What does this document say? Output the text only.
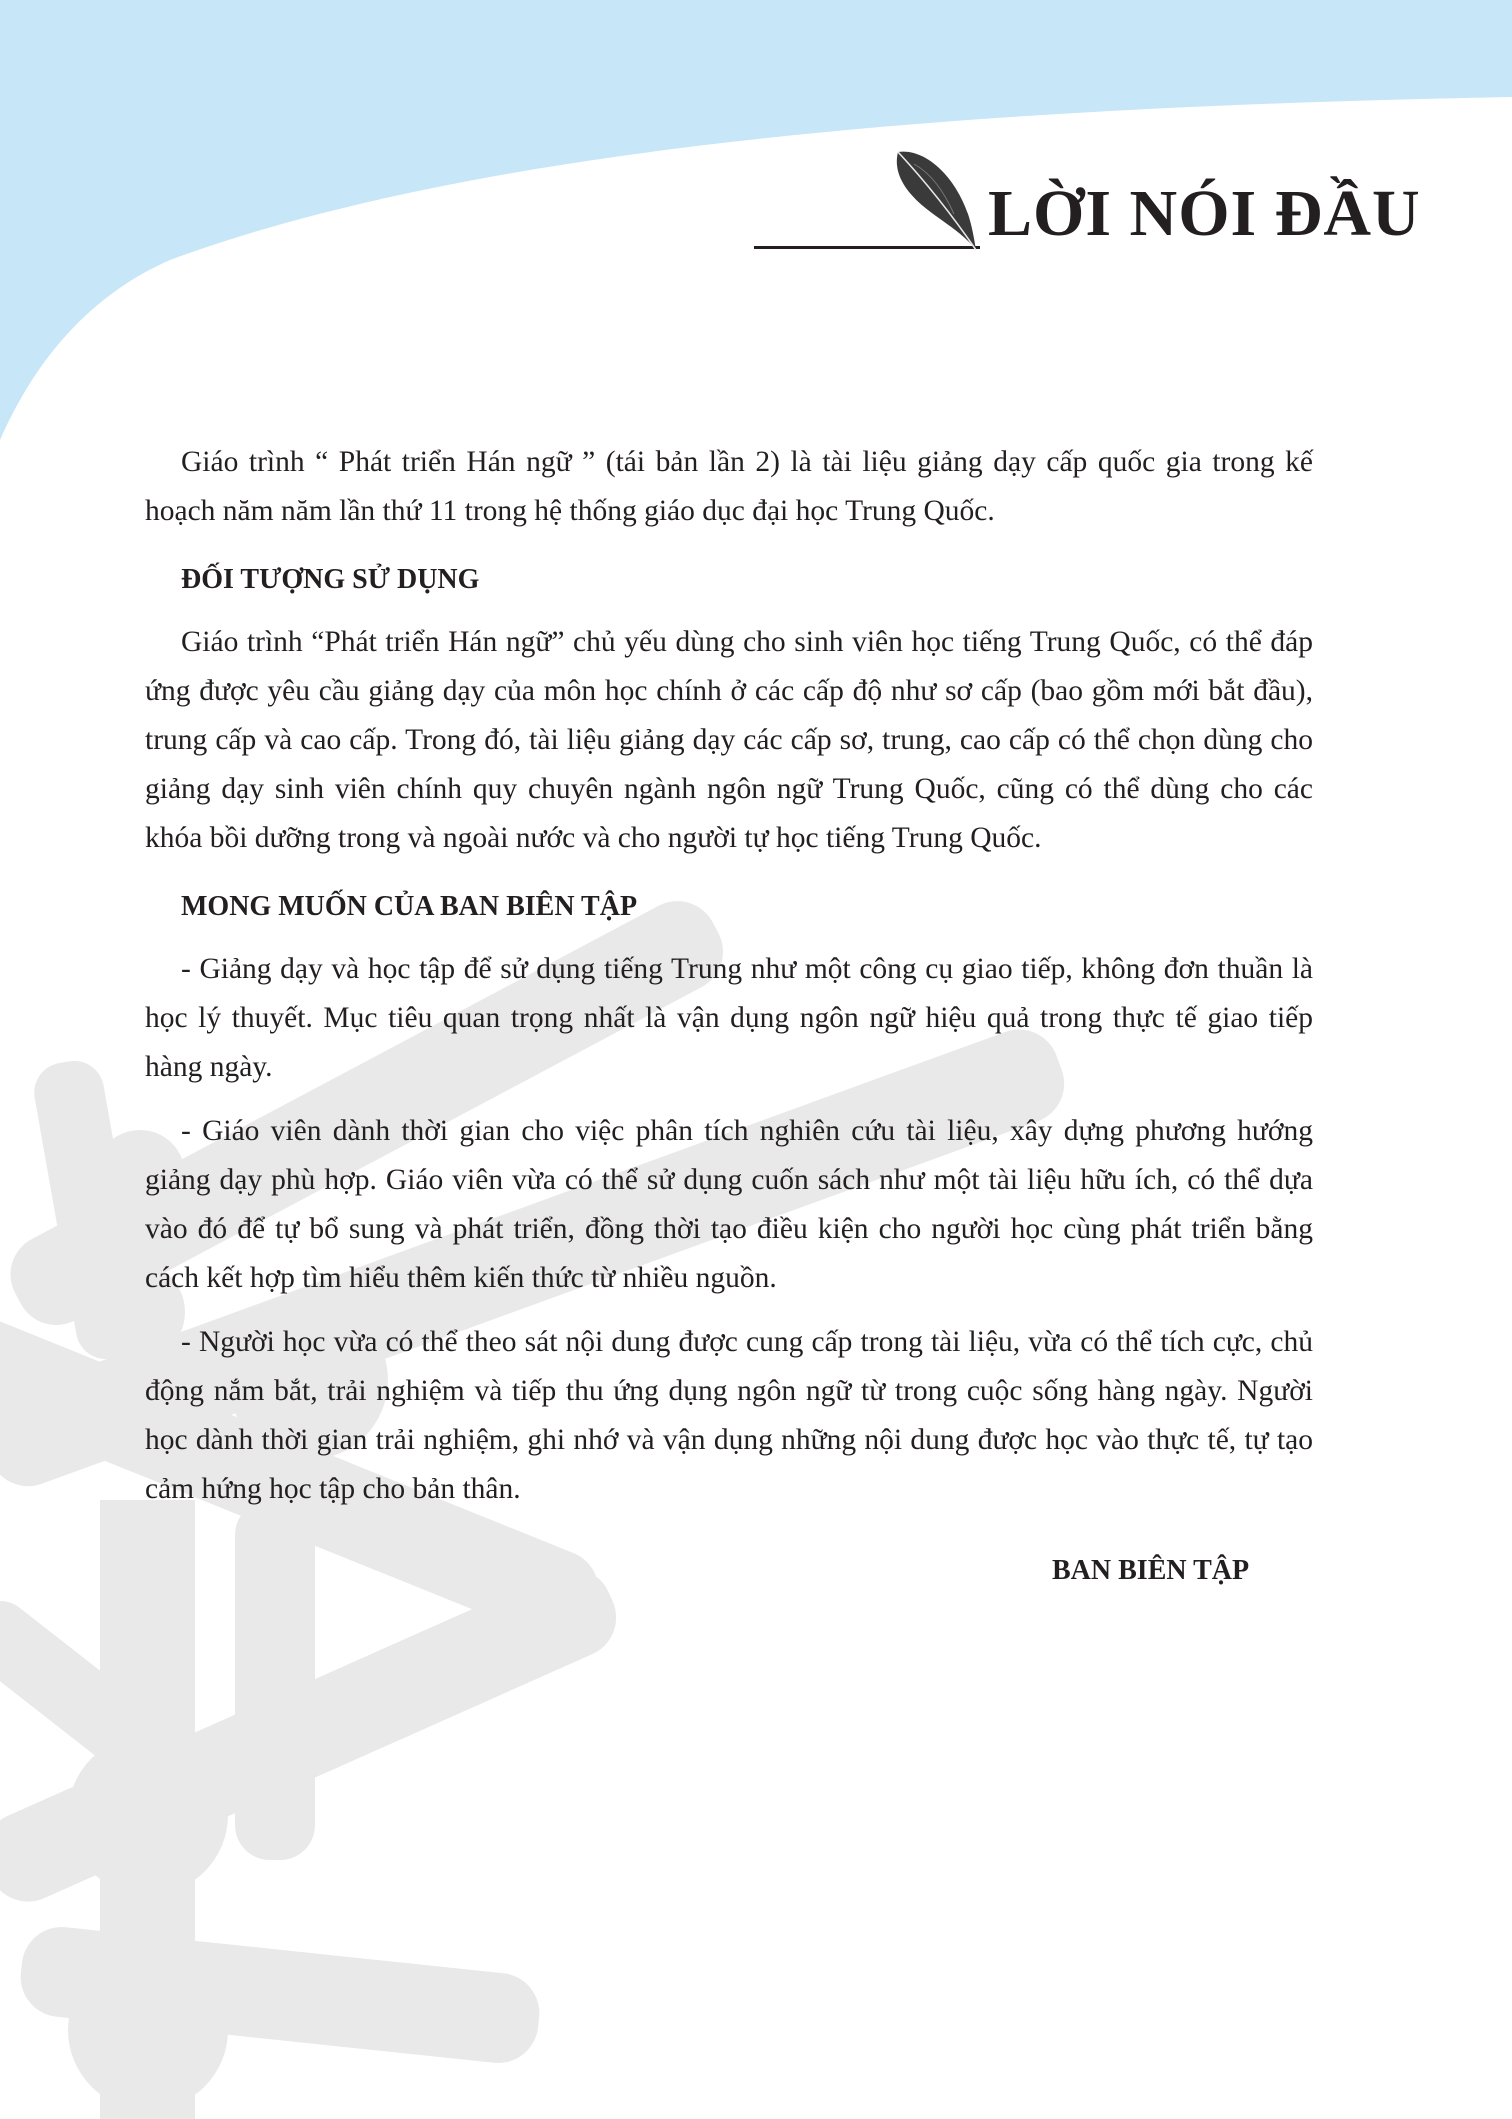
LỜI NÓI ĐẦU

Giáo trình “ Phát triển Hán ngữ ” (tái bản lần 2) là tài liệu giảng dạy cấp quốc gia trong kế hoạch năm năm lần thứ 11 trong hệ thống giáo dục đại học Trung Quốc.

ĐỐI TƯỢNG SỬ DỤNG

Giáo trình “Phát triển Hán ngữ” chủ yếu dùng cho sinh viên học tiếng Trung Quốc, có thể đáp ứng được yêu cầu giảng dạy của môn học chính ở các cấp độ như sơ cấp (bao gồm mới bắt đầu), trung cấp và cao cấp. Trong đó, tài liệu giảng dạy các cấp sơ, trung, cao cấp có thể chọn dùng cho giảng dạy sinh viên chính quy chuyên ngành ngôn ngữ Trung Quốc, cũng có thể dùng cho các khóa bồi dưỡng trong và ngoài nước và cho người tự học tiếng Trung Quốc.

MONG MUỐN CỦA BAN BIÊN TẬP

- Giảng dạy và học tập để sử dụng tiếng Trung như một công cụ giao tiếp, không đơn thuần là học lý thuyết. Mục tiêu quan trọng nhất là vận dụng ngôn ngữ hiệu quả trong thực tế giao tiếp hàng ngày.

- Giáo viên dành thời gian cho việc phân tích nghiên cứu tài liệu, xây dựng phương hướng giảng dạy phù hợp. Giáo viên vừa có thể sử dụng cuốn sách như một tài liệu hữu ích, có thể dựa vào đó để tự bổ sung và phát triển, đồng thời tạo điều kiện cho người học cùng phát triển bằng cách kết hợp tìm hiểu thêm kiến thức từ nhiều nguồn.

- Người học vừa có thể theo sát nội dung được cung cấp trong tài liệu, vừa có thể tích cực, chủ động nắm bắt, trải nghiệm và tiếp thu ứng dụng ngôn ngữ từ trong cuộc sống hàng ngày. Người học dành thời gian trải nghiệm, ghi nhớ và vận dụng những nội dung được học vào thực tế, tự tạo cảm hứng học tập cho bản thân.

BAN BIÊN TẬP
